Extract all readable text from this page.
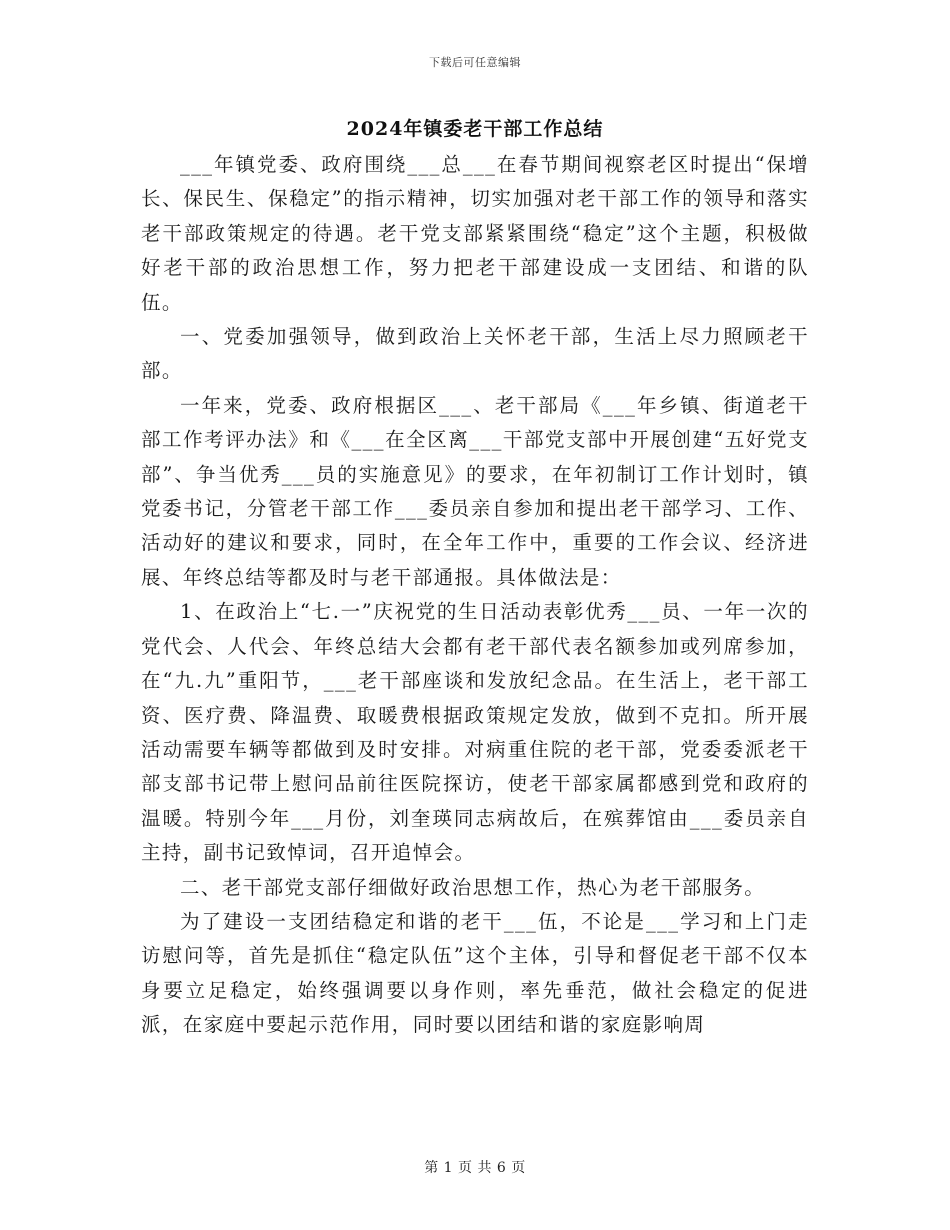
下载后可任意编辑
2024年镇委老干部工作总结

___年镇党委、政府围绕___总___在春节期间视察老区时提出“保增长、保民生、保稳定”的指示精神，切实加强对老干部工作的领导和落实老干部政策规定的待遇。老干党支部紧紧围绕“稳定”这个主题，积极做好老干部的政治思想工作，努力把老干部建设成一支团结、和谐的队伍。

一、党委加强领导，做到政治上关怀老干部，生活上尽力照顾老干部。

一年来，党委、政府根据区___、老干部局《___年乡镇、街道老干部工作考评办法》和《___在全区离___干部党支部中开展创建“五好党支部”、争当优秀___员的实施意见》的要求，在年初制订工作计划时，镇党委书记，分管老干部工作___委员亲自参加和提出老干部学习、工作、活动好的建议和要求，同时，在全年工作中，重要的工作会议、经济进展、年终总结等都及时与老干部通报。具体做法是：

1、在政治上“七.一”庆祝党的生日活动表彰优秀___员、一年一次的党代会、人代会、年终总结大会都有老干部代表名额参加或列席参加，在“九.九”重阳节，___老干部座谈和发放纪念品。在生活上，老干部工资、医疗费、降温费、取暖费根据政策规定发放，做到不克扣。所开展活动需要车辆等都做到及时安排。对病重住院的老干部，党委委派老干部支部书记带上慰问品前往医院探访，使老干部家属都感到党和政府的温暖。特别今年___月份，刘奎瑛同志病故后，在殡葬馆由___委员亲自主持，副书记致悼词，召开追悼会。

二、老干部党支部仔细做好政治思想工作，热心为老干部服务。

为了建设一支团结稳定和谐的老干___伍，不论是___学习和上门走访慰问等，首先是抓住“稳定队伍”这个主体，引导和督促老干部不仅本身要立足稳定，始终强调要以身作则，率先垂范，做社会稳定的促进派，在家庭中要起示范作用，同时要以团结和谐的家庭影响周

第 1 页 共 6 页
